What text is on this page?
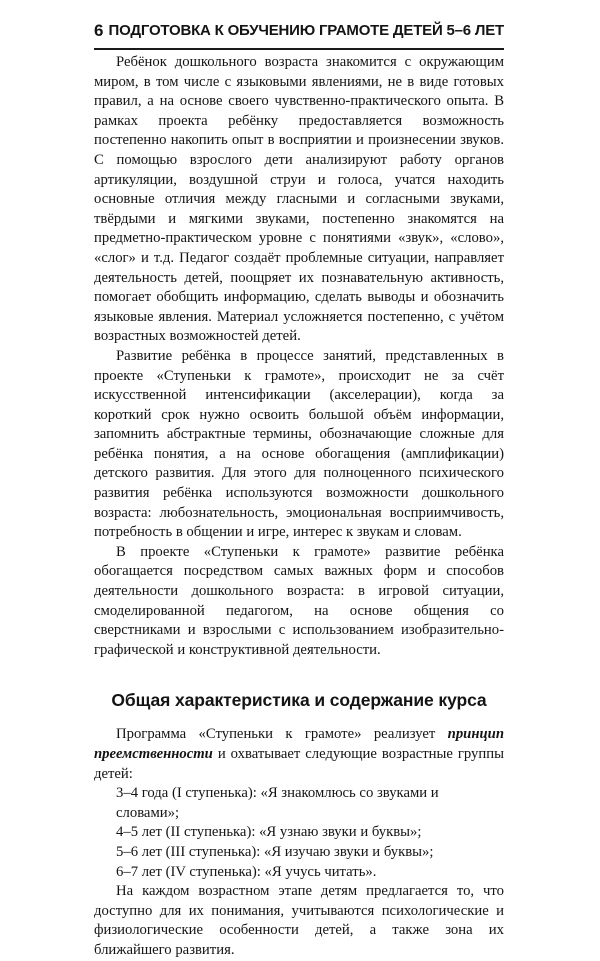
6 ПОДГОТОВКА К ОБУЧЕНИЮ ГРАМОТЕ ДЕТЕЙ 5–6 ЛЕТ

Ребёнок дошкольного возраста знакомится с окружающим миром, в том числе с языковыми явлениями, не в виде готовых правил, а на основе своего чувственно-практического опыта. В рамках проекта ребёнку предоставляется возможность постепенно накопить опыт в восприятии и произнесении звуков. С помощью взрослого дети анализируют работу органов артикуляции, воздушной струи и голоса, учатся находить основные отличия между гласными и согласными звуками, твёрдыми и мягкими звуками, постепенно знакомятся на предметно-практическом уровне с понятиями «звук», «слово», «слог» и т.д. Педагог создаёт проблемные ситуации, направляет деятельность детей, поощряет их познавательную активность, помогает обобщить информацию, сделать выводы и обозначить языковые явления. Материал усложняется постепенно, с учётом возрастных возможностей детей.

Развитие ребёнка в процессе занятий, представленных в проекте «Ступеньки к грамоте», происходит не за счёт искусственной интенсификации (акселерации), когда за короткий срок нужно освоить большой объём информации, запомнить абстрактные термины, обозначающие сложные для ребёнка понятия, а на основе обогащения (амплификации) детского развития. Для этого для полноценного психического развития ребёнка используются возможности дошкольного возраста: любознательность, эмоциональная восприимчивость, потребность в общении и игре, интерес к звукам и словам.

В проекте «Ступеньки к грамоте» развитие ребёнка обогащается посредством самых важных форм и способов деятельности дошкольного возраста: в игровой ситуации, смоделированной педагогом, на основе общения со сверстниками и взрослыми с использованием изобразительно-графической и конструктивной деятельности.

Общая характеристика и содержание курса

Программа «Ступеньки к грамоте» реализует принцип преемственности и охватывает следующие возрастные группы детей:

3–4 года (I ступенька): «Я знакомлюсь со звуками и словами»;
4–5 лет (II ступенька): «Я узнаю звуки и буквы»;
5–6 лет (III ступенька): «Я изучаю звуки и буквы»;
6–7 лет (IV ступенька): «Я учусь читать».

На каждом возрастном этапе детям предлагается то, что доступно для их понимания, учитываются психологические и физиологические особенности детей, а также зона их ближайшего развития.
